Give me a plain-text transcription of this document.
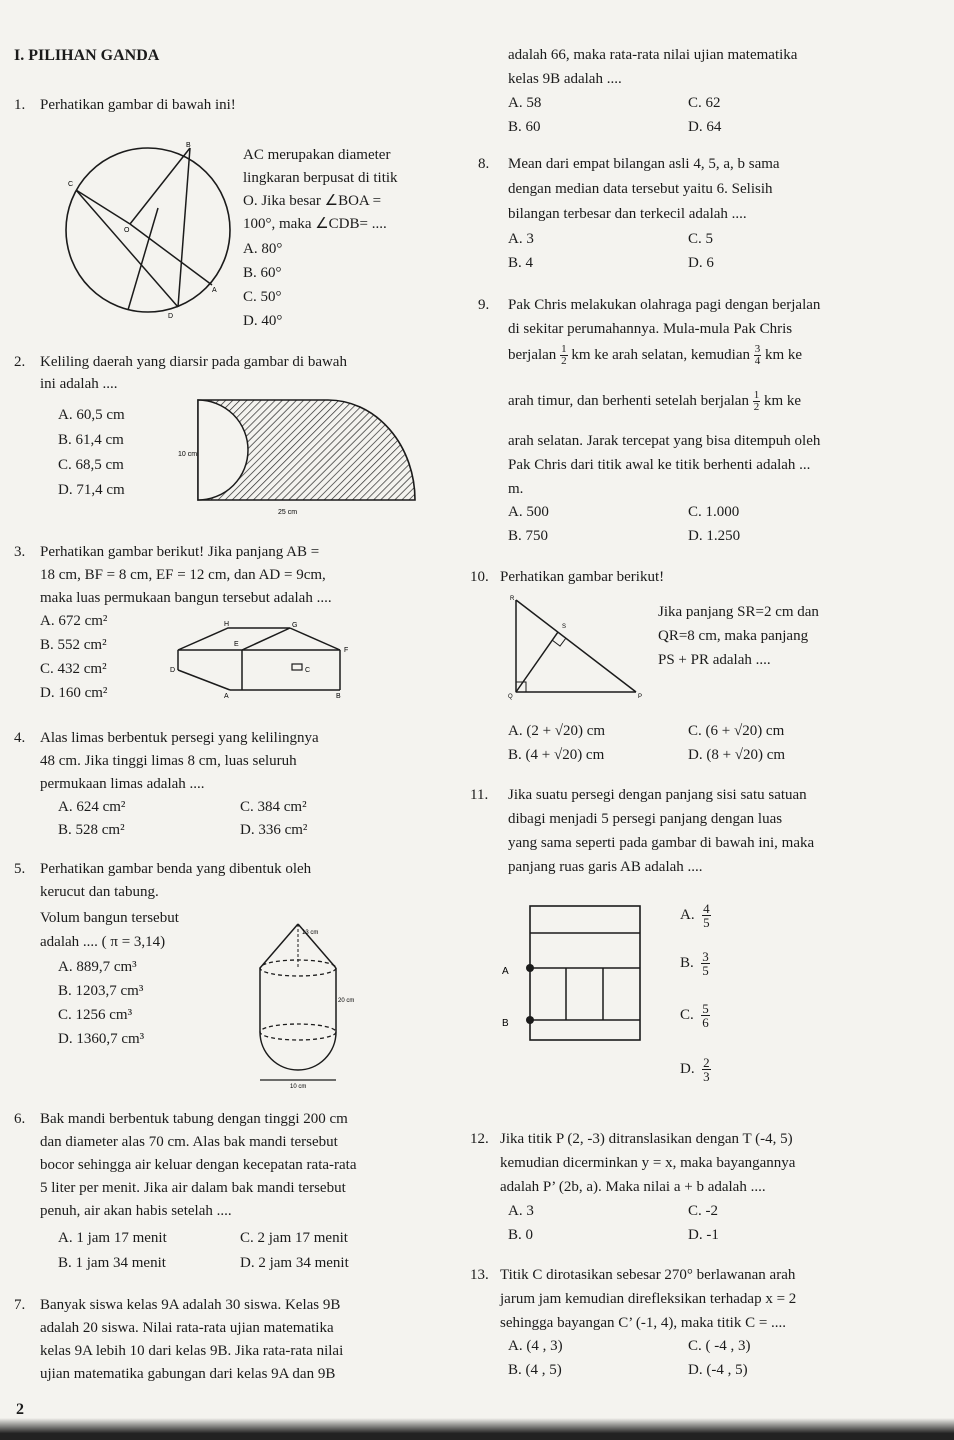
I. PILIHAN GANDA
1. Perhatikan gambar di bawah ini!
B
C
O
A
D
AC merupakan diameter
lingkaran berpusat di titik
O. Jika besar ∠BOA =
100°, maka ∠CDB= ....
A. 80°
B. 60°
C. 50°
D. 40°
2. Keliling daerah yang diarsir pada gambar di bawah
ini adalah ....
A. 60,5 cm
B. 61,4 cm
C. 68,5 cm
D. 71,4 cm
10 cm
25 cm
3. Perhatikan gambar berikut! Jika panjang AB =
18 cm, BF = 8 cm, EF = 12 cm, dan AD = 9cm,
maka luas permukaan bangun tersebut adalah ....
A. 672 cm²
B. 552 cm²
C. 432 cm²
D. 160 cm²
H	G
E
F
D	C
A	B
4. Alas limas berbentuk persegi yang kelilingnya
48 cm. Jika tinggi limas 8 cm, luas seluruh
permukaan limas adalah ....
A. 624 cm²	C. 384 cm²
B. 528 cm²	D. 336 cm²
5. Perhatikan gambar benda yang dibentuk oleh
kerucut dan tabung.
Volum bangun tersebut
adalah .... ( π = 3,14)
A. 889,7 cm³
B. 1203,7 cm³
C. 1256 cm³
D. 1360,7 cm³
13 cm
20 cm
10 cm
6. Bak mandi berbentuk tabung dengan tinggi 200 cm
dan diameter alas 70 cm. Alas bak mandi tersebut
bocor sehingga air keluar dengan kecepatan rata-rata
5 liter per menit. Jika air dalam bak mandi tersebut
penuh, air akan habis setelah ....
A. 1 jam 17 menit	C. 2 jam 17 menit
B. 1 jam 34 menit	D. 2 jam 34 menit
7. Banyak siswa kelas 9A adalah 30 siswa. Kelas 9B
adalah 20 siswa. Nilai rata-rata ujian matematika
kelas 9A lebih 10 dari kelas 9B. Jika rata-rata nilai
ujian matematika gabungan dari kelas 9A dan 9B
2
adalah 66, maka rata-rata nilai ujian matematika
kelas 9B adalah ....
A. 58	C. 62
B. 60	D. 64
8. Mean dari empat bilangan asli 4, 5, a, b sama
dengan median data tersebut yaitu 6. Selisih
bilangan terbesar dan terkecil adalah ....
A. 3	C. 5
B. 4	D. 6
9. Pak Chris melakukan olahraga pagi dengan berjalan
di sekitar perumahannya. Mula-mula Pak Chris
berjalan $\frac{1}{2}$ km ke arah selatan, kemudian $\frac{3}{4}$ km ke
arah timur, dan berhenti setelah berjalan $\frac{1}{2}$ km ke
arah selatan. Jarak tercepat yang bisa ditempuh oleh
Pak Chris dari titik awal ke titik berhenti adalah ...
m.
A. 500	C. 1.000
B. 750	D. 1.250
10. Perhatikan gambar berikut!
R
S
Q	P
Jika panjang SR=2 cm dan
QR=8 cm, maka panjang
PS + PR adalah ....
A. (2 + √20) cm	C. (6 + √20) cm
B. (4 + √20) cm	D. (8 + √20) cm
11. Jika suatu persegi dengan panjang sisi satu satuan
dibagi menjadi 5 persegi panjang dengan luas
yang sama seperti pada gambar di bawah ini, maka
panjang ruas garis AB adalah ....
A
B
A. $\frac{4}{5}$
B. $\frac{3}{5}$
C. $\frac{5}{6}$
D. $\frac{2}{3}$
12. Jika titik P (2, -3) ditranslasikan dengan T (-4, 5)
kemudian dicerminkan y = x, maka bayangannya
adalah P’ (2b, a). Maka nilai a + b adalah ....
A. 3	C. -2
B. 0	D. -1
13. Titik C dirotasikan sebesar 270° berlawanan arah
jarum jam kemudian direfleksikan terhadap x = 2
sehingga bayangan C’ (-1, 4), maka titik C = ....
A. (4 , 3)	C. ( -4 , 3)
B. (4 , 5)	D. (-4 , 5)
